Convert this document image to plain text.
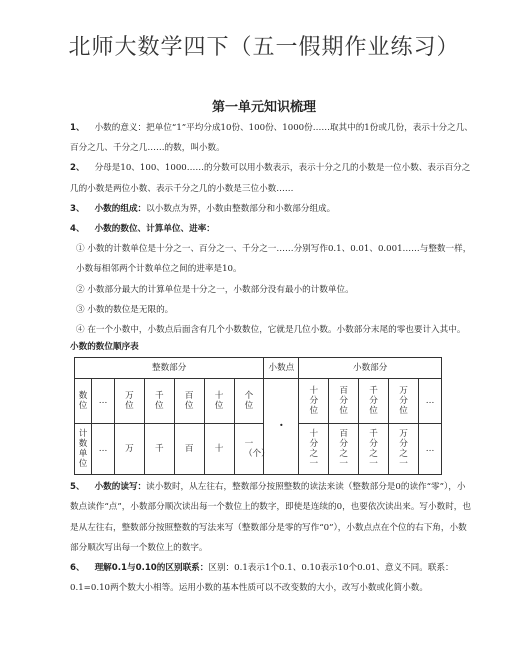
北师大数学四下（五一假期作业练习）
第一单元知识梳理

1、 小数的意义：把单位“1”平均分成10份、100份、1000份……取其中的1份或几份，表示十分之几、百分之几、千分之几……的数，叫小数。

2、 分母是10、100、1000……的分数可以用小数表示，表示十分之几的小数是一位小数、表示百分之几的小数是两位小数、表示千分之几的小数是三位小数……

3、 小数的组成：以小数点为界，小数由整数部分和小数部分组成。

4、 小数的数位、计算单位、进率：

① 小数的计数单位是十分之一、百分之一、千分之一……分别写作0.1、0.01、0.001……与整数一样，小数每相邻两个计数单位之间的进率是10。

② 小数部分最大的计算单位是十分之一，小数部分没有最小的计数单位。

③ 小数的数位是无限的。

④ 在一个小数中，小数点后面含有几个小数数位，它就是几位小数。小数部分末尾的零也要计入其中。

小数的数位顺序表
整数部分							小数点	小数部分				
数位	…	万位	千位	百位	十位	个位	·	十分位	百分位	千分位	万分位	…
计数单位	…	万	千	百	十	一（个）		十分之一	百分之一	千分之一	万分之一	…

5、 小数的读写：读小数时，从左往右，整数部分按照整数的读法来读（整数部分是0的读作“零”），小数点读作“点”，小数部分顺次读出每一个数位上的数字，即使是连续的0，也要依次读出来。写小数时，也是从左往右，整数部分按照整数的写法来写（整数部分是零的写作“0”），小数点点在个位的右下角，小数部分顺次写出每一个数位上的数字。

6、 理解0.1与0.10的区别联系：区别：0.1表示1个0.1、0.10表示10个0.01、意义不同。联系：0.1=0.10两个数大小相等。运用小数的基本性质可以不改变数的大小，改写小数或化简小数。
